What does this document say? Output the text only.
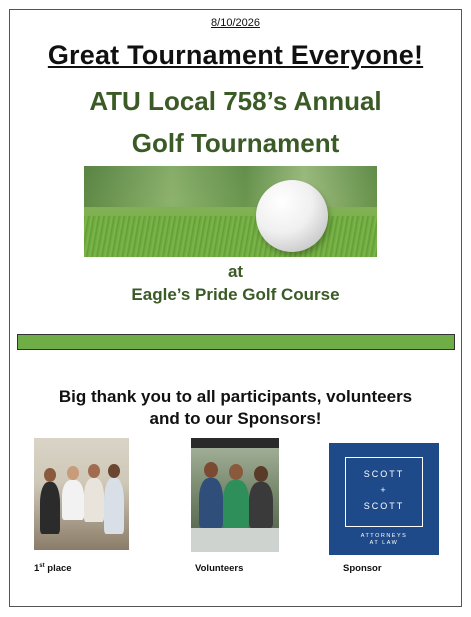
8/10/2026
Great Tournament Everyone!
ATU Local 758’s Annual
Golf Tournament
at
Eagle’s Pride Golf Course
Big thank you to all participants, volunteers
and to our Sponsors!
SCOTT
+
SCOTT
ATTORNEYS
AT LAW
1st place	Volunteers	Sponsor
